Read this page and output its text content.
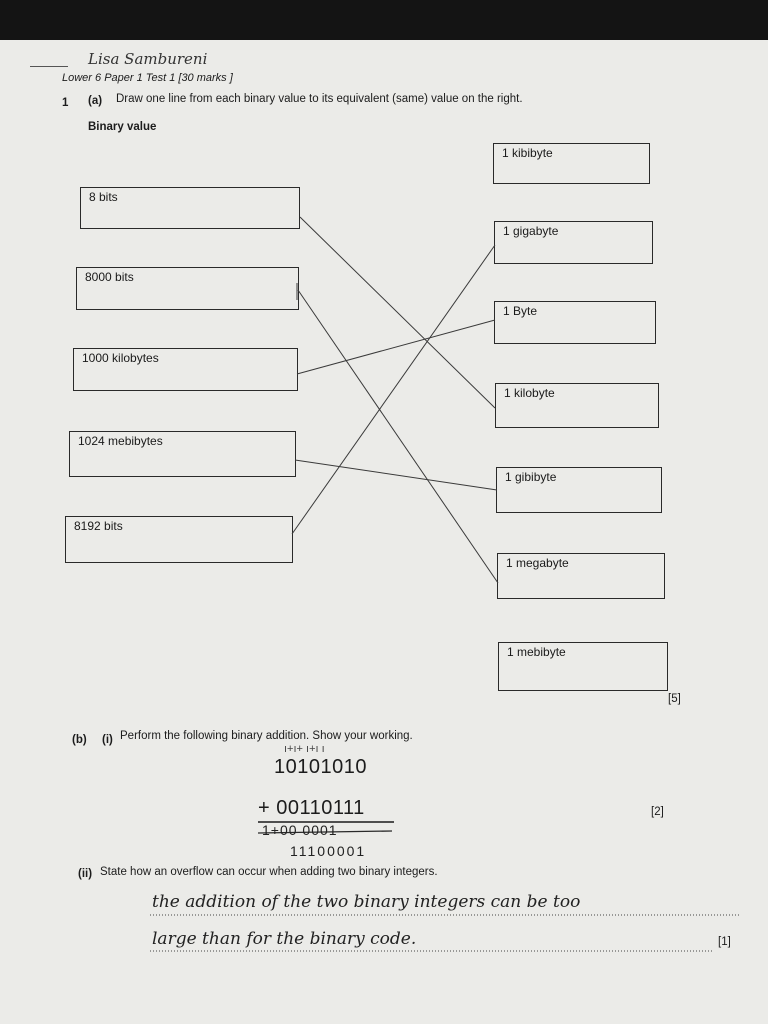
Lisa Sambureni
Lower 6 Paper 1 Test 1 [30 marks ]
1 (a) Draw one line from each binary value to its equivalent (same) value on the right.
Binary value
8 bits
8000 bits
1000 kilobytes
1024 mebibytes
8192 bits
1 kibibyte
1 gigabyte
1 Byte
1 kilobyte
1 gibibyte
1 megabyte
1 mebibyte
[5]
(b) (i) Perform the following binary addition. Show your working.
ı+ı+ ı+ı ı
10101010
+ 00110111
1+00 0001
11100001
[2]
(ii) State how an overflow can occur when adding two binary integers.
the addition of the two binary integers can be too
large than for the binary code.	[1]
